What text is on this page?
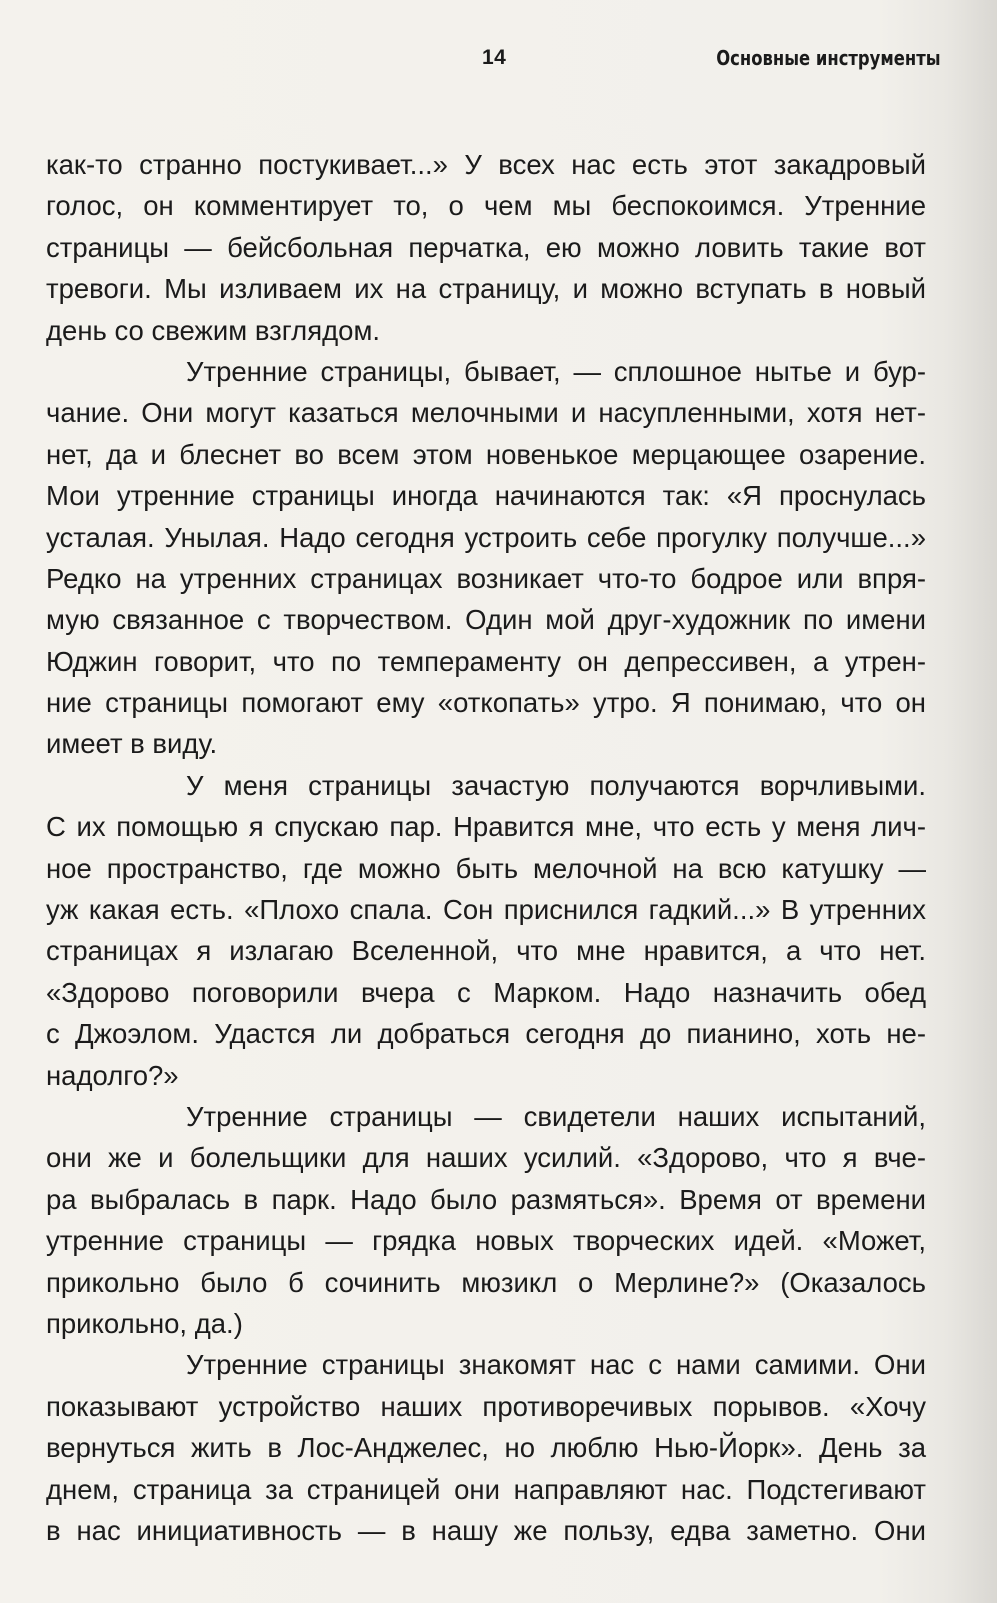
14	Основные инструменты
как-то странно постукивает...» У всех нас есть этот закадровый
голос, он комментирует то, о чем мы беспокоимся. Утренние
страницы — бейсбольная перчатка, ею можно ловить такие вот
тревоги. Мы изливаем их на страницу, и можно вступать в новый
день со свежим взглядом.
Утренние страницы, бывает, — сплошное нытье и бур-
чание. Они могут казаться мелочными и насупленными, хотя нет-
нет, да и блеснет во всем этом новенькое мерцающее озарение.
Мои утренние страницы иногда начинаются так: «Я проснулась
усталая. Унылая. Надо сегодня устроить себе прогулку получше...»
Редко на утренних страницах возникает что-то бодрое или впря-
мую связанное с творчеством. Один мой друг-художник по имени
Юджин говорит, что по темпераменту он депрессивен, а утрен-
ние страницы помогают ему «откопать» утро. Я понимаю, что он
имеет в виду.
У меня страницы зачастую получаются ворчливыми.
С их помощью я спускаю пар. Нравится мне, что есть у меня лич-
ное пространство, где можно быть мелочной на всю катушку —
уж какая есть. «Плохо спала. Сон приснился гадкий...» В утренних
страницах я излагаю Вселенной, что мне нравится, а что нет.
«Здорово поговорили вчера с Марком. Надо назначить обед
с Джоэлом. Удастся ли добраться сегодня до пианино, хоть не-
надолго?»
Утренние страницы — свидетели наших испытаний,
они же и болельщики для наших усилий. «Здорово, что я вче-
ра выбралась в парк. Надо было размяться». Время от времени
утренние страницы — грядка новых творческих идей. «Может,
прикольно было б сочинить мюзикл о Мерлине?» (Оказалось
прикольно, да.)
Утренние страницы знакомят нас с нами самими. Они
показывают устройство наших противоречивых порывов. «Хочу
вернуться жить в Лос-Анджелес, но люблю Нью-Йорк». День за
днем, страница за страницей они направляют нас. Подстегивают
в нас инициативность — в нашу же пользу, едва заметно. Они
